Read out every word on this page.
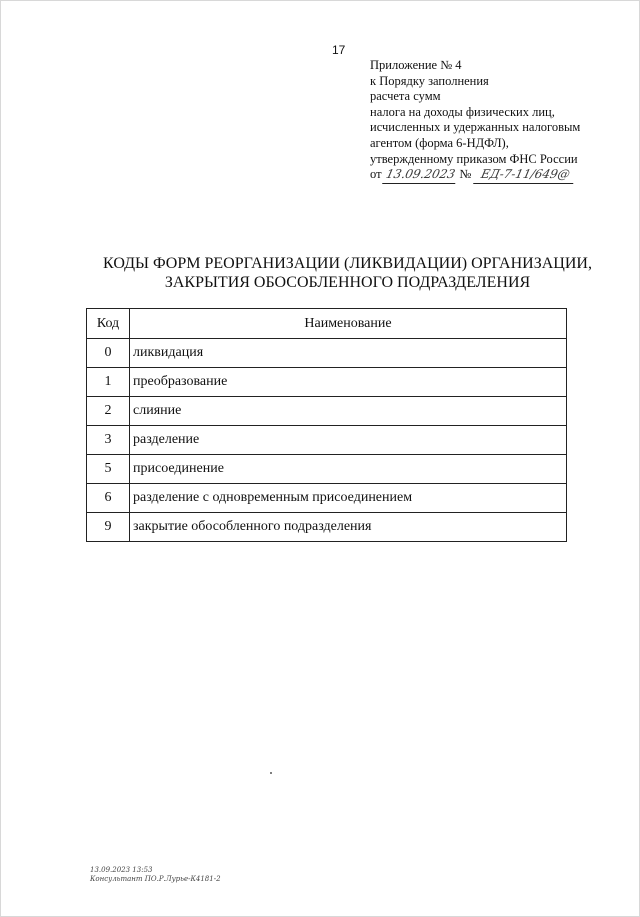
17
Приложение № 4
к Порядку заполнения
расчета сумм
налога на доходы физических лиц,
исчисленных и удержанных налоговым
агентом (форма 6-НДФЛ),
утвержденному приказом ФНС России
от 13.09.2023 № ЕД-7-11/649@
КОДЫ ФОРМ РЕОРГАНИЗАЦИИ (ЛИКВИДАЦИИ) ОРГАНИЗАЦИИ,
ЗАКРЫТИЯ ОБОСОБЛЕННОГО ПОДРАЗДЕЛЕНИЯ
Код	Наименование
0	ликвидация
1	преобразование
2	слияние
3	разделение
5	присоединение
6	разделение с одновременным присоединением
9	закрытие обособленного подразделения
13.09.2023 13:53
Консультант ПО.Р.Лурье-К4181-2
